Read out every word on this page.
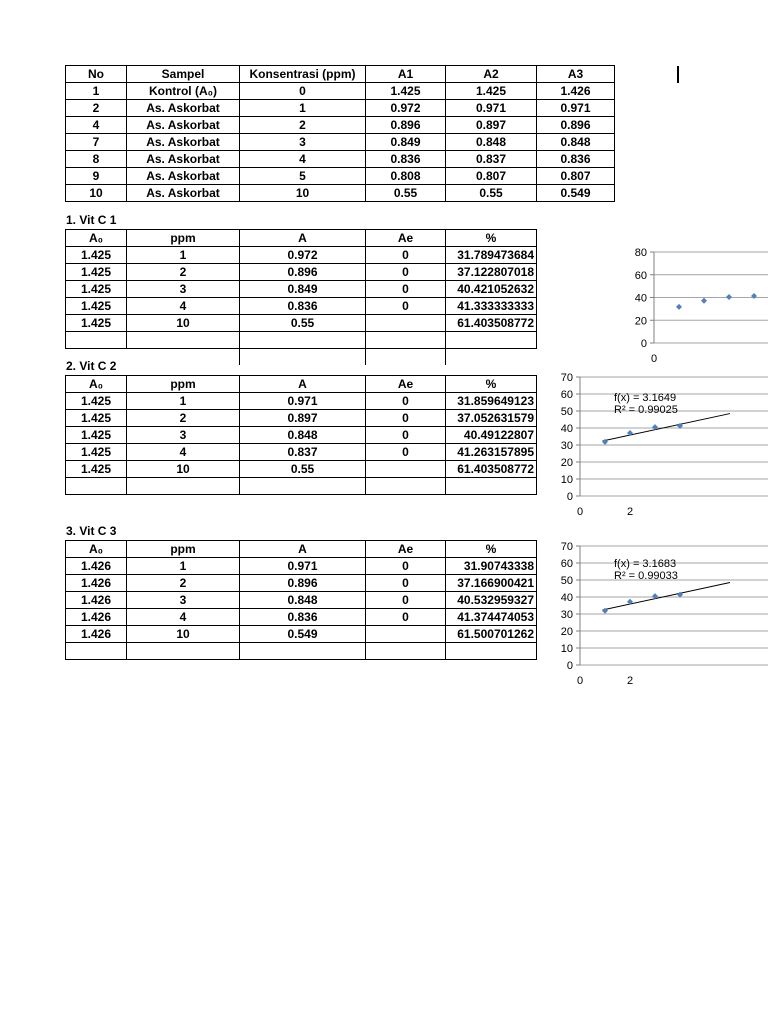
No	Sampel	Konsentrasi (ppm)	A1	A2	A3
1	Kontrol (A₀)	0	1.425	1.425	1.426
2	As. Askorbat	1	0.972	0.971	0.971
4	As. Askorbat	2	0.896	0.897	0.896
7	As. Askorbat	3	0.849	0.848	0.848
8	As. Askorbat	4	0.836	0.837	0.836
9	As. Askorbat	5	0.808	0.807	0.807
10	As. Askorbat	10	0.55	0.55	0.549
1. Vit C 1
A₀	ppm	A	Ae	%
1.425	1	0.972	0	31.789473684
1.425	2	0.896	0	37.122807018
1.425	3	0.849	0	40.421052632
1.425	4	0.836	0	41.333333333
1.425	10	0.55		61.403508772

2. Vit C 2
A₀	ppm	A	Ae	%
1.425	1	0.971	0	31.859649123
1.425	2	0.897	0	37.052631579
1.425	3	0.848	0	40.49122807
1.425	4	0.837	0	41.263157895
1.425	10	0.55		61.403508772

3. Vit C 3
A₀	ppm	A	Ae	%
1.426	1	0.971	0	31.90743338
1.426	2	0.896	0	37.166900421
1.426	3	0.848	0	40.532959327
1.426	4	0.836	0	41.374474053
1.426	10	0.549		61.500701262

0
20
40
60
80
0
0
10
20
30
40
50
60
70
0	2
f(x) = 3.1649
R² = 0.99025
0
10
20
30
40
50
60
70
0	2
f(x) = 3.1683
R² = 0.99033
